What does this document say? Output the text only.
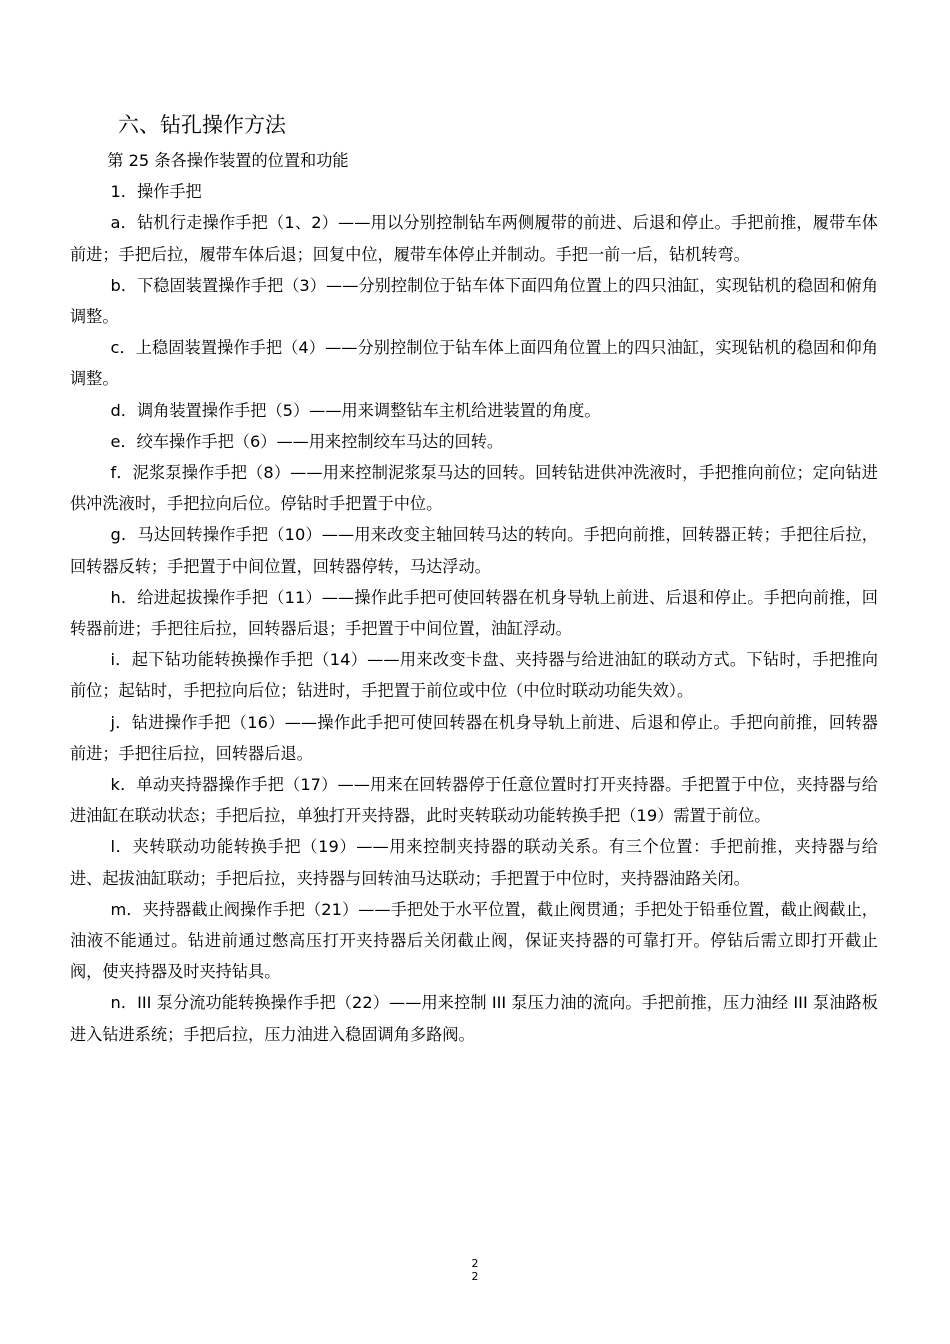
六、钻孔操作方法

第 25 条各操作装置的位置和功能

1．操作手把

a．钻机行走操作手把（1、2）——用以分别控制钻车两侧履带的前进、后退和停止。手把前推，履带车体前进；手把后拉，履带车体后退；回复中位，履带车体停止并制动。手把一前一后，钻机转弯。

b．下稳固装置操作手把（3）——分别控制位于钻车体下面四角位置上的四只油缸，实现钻机的稳固和俯角调整。

c．上稳固装置操作手把（4）——分别控制位于钻车体上面四角位置上的四只油缸，实现钻机的稳固和仰角调整。

d．调角装置操作手把（5）——用来调整钻车主机给进装置的角度。

e．绞车操作手把（6）——用来控制绞车马达的回转。

f．泥浆泵操作手把（8）——用来控制泥浆泵马达的回转。回转钻进供冲洗液时，手把推向前位；定向钻进供冲洗液时，手把拉向后位。停钻时手把置于中位。

g．马达回转操作手把（10）——用来改变主轴回转马达的转向。手把向前推，回转器正转；手把往后拉，回转器反转；手把置于中间位置，回转器停转，马达浮动。

h．给进起拔操作手把（11）——操作此手把可使回转器在机身导轨上前进、后退和停止。手把向前推，回转器前进；手把往后拉，回转器后退；手把置于中间位置，油缸浮动。

i．起下钻功能转换操作手把（14）——用来改变卡盘、夹持器与给进油缸的联动方式。下钻时，手把推向前位；起钻时，手把拉向后位；钻进时，手把置于前位或中位（中位时联动功能失效）。

j．钻进操作手把（16）——操作此手把可使回转器在机身导轨上前进、后退和停止。手把向前推，回转器前进；手把往后拉，回转器后退。

k．单动夹持器操作手把（17）——用来在回转器停于任意位置时打开夹持器。手把置于中位，夹持器与给进油缸在联动状态；手把后拉，单独打开夹持器，此时夹转联动功能转换手把（19）需置于前位。

l．夹转联动功能转换手把（19）——用来控制夹持器的联动关系。有三个位置：手把前推，夹持器与给进、起拔油缸联动；手把后拉，夹持器与回转油马达联动；手把置于中位时，夹持器油路关闭。

m．夹持器截止阀操作手把（21）——手把处于水平位置，截止阀贯通；手把处于铅垂位置，截止阀截止，油液不能通过。钻进前通过憋高压打开夹持器后关闭截止阀，保证夹持器的可靠打开。停钻后需立即打开截止阀，使夹持器及时夹持钻具。

n．III 泵分流功能转换操作手把（22）——用来控制 III 泵压力油的流向。手把前推，压力油经 III 泵油路板进入钻进系统；手把后拉，压力油进入稳固调角多路阀。

2
2
